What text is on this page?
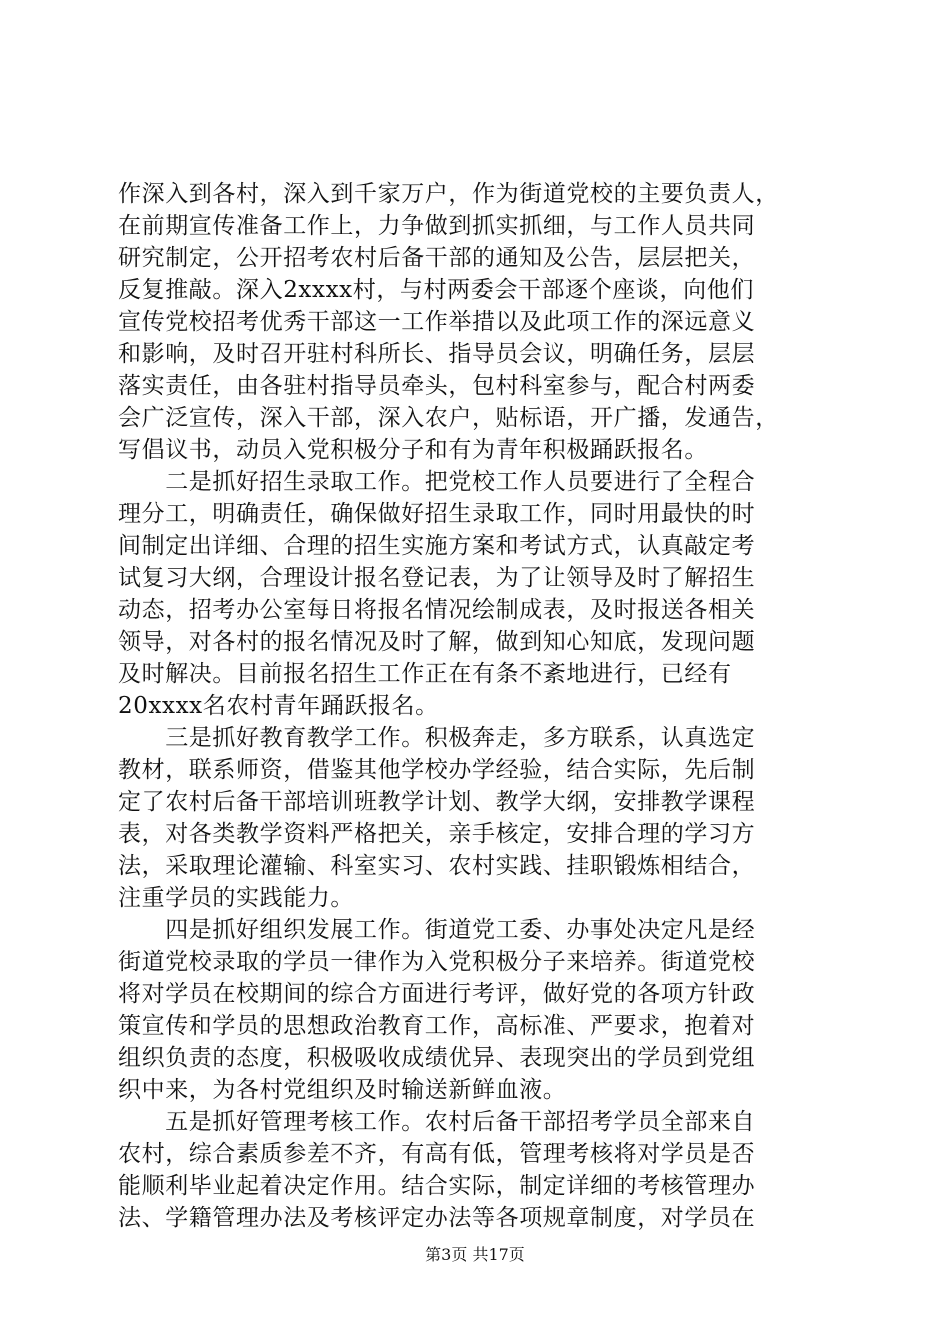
作深入到各村，深入到千家万户，作为街道党校的主要负责人，
在前期宣传准备工作上，力争做到抓实抓细，与工作人员共同
研究制定，公开招考农村后备干部的通知及公告，层层把关，
反复推敲。深入2xxxx村，与村两委会干部逐个座谈，向他们
宣传党校招考优秀干部这一工作举措以及此项工作的深远意义
和影响，及时召开驻村科所长、指导员会议，明确任务，层层
落实责任，由各驻村指导员牵头，包村科室参与，配合村两委
会广泛宣传，深入干部，深入农户，贴标语，开广播，发通告，
写倡议书，动员入党积极分子和有为青年积极踊跃报名。
　　二是抓好招生录取工作。把党校工作人员要进行了全程合
理分工，明确责任，确保做好招生录取工作，同时用最快的时
间制定出详细、合理的招生实施方案和考试方式，认真敲定考
试复习大纲，合理设计报名登记表，为了让领导及时了解招生
动态，招考办公室每日将报名情况绘制成表，及时报送各相关
领导，对各村的报名情况及时了解，做到知心知底，发现问题
及时解决。目前报名招生工作正在有条不紊地进行，已经有
20xxxx名农村青年踊跃报名。
　　三是抓好教育教学工作。积极奔走，多方联系，认真选定
教材，联系师资，借鉴其他学校办学经验，结合实际，先后制
定了农村后备干部培训班教学计划、教学大纲，安排教学课程
表，对各类教学资料严格把关，亲手核定，安排合理的学习方
法，采取理论灌输、科室实习、农村实践、挂职锻炼相结合，
注重学员的实践能力。
　　四是抓好组织发展工作。街道党工委、办事处决定凡是经
街道党校录取的学员一律作为入党积极分子来培养。街道党校
将对学员在校期间的综合方面进行考评，做好党的各项方针政
策宣传和学员的思想政治教育工作，高标准、严要求，抱着对
组织负责的态度，积极吸收成绩优异、表现突出的学员到党组
织中来，为各村党组织及时输送新鲜血液。
　　五是抓好管理考核工作。农村后备干部招考学员全部来自
农村，综合素质参差不齐，有高有低，管理考核将对学员是否
能顺利毕业起着决定作用。结合实际，制定详细的考核管理办
法、学籍管理办法及考核评定办法等各项规章制度，对学员在
第3页 共17页
